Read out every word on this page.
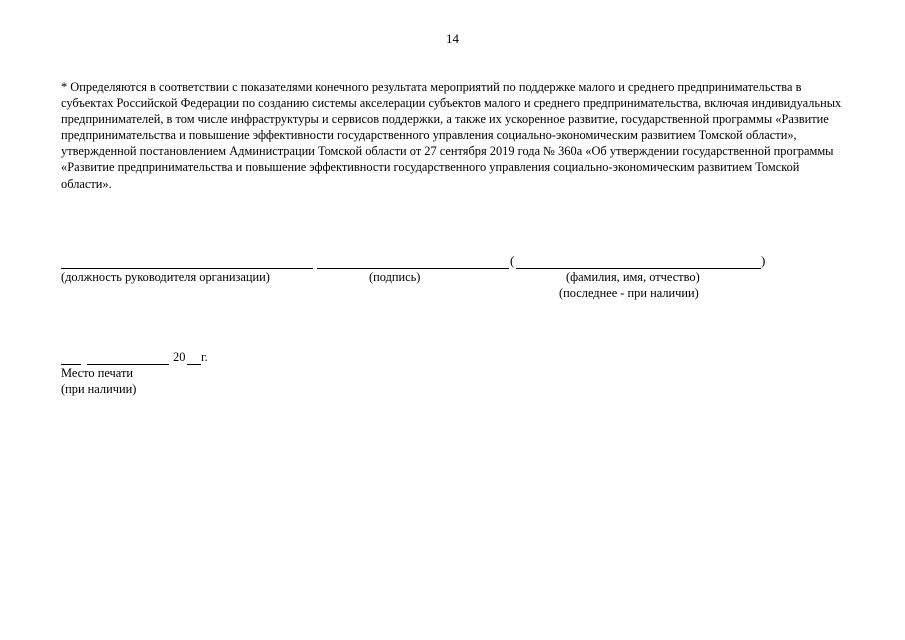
14

* Определяются в соответствии с показателями конечного результата мероприятий по поддержке малого и среднего предпринимательства в субъектах Российской Федерации по созданию системы акселерации субъектов малого и среднего предпринимательства, включая индивидуальных предпринимателей, в том числе инфраструктуры и сервисов поддержки, а также их ускоренное развитие, государственной программы «Развитие предпринимательства и повышение эффективности государственного управления социально-экономическим развитием Томской области», утвержденной постановлением Администрации Томской области от 27 сентября 2019 года № 360а «Об утверждении государственной программы «Развитие предпринимательства и повышение эффективности государственного управления социально-экономическим развитием Томской области».

(	)
(должность руководителя организации)	(подпись)	(фамилия, имя, отчество)
(последнее - при наличии)
20 г.
Место печати
(при наличии)
